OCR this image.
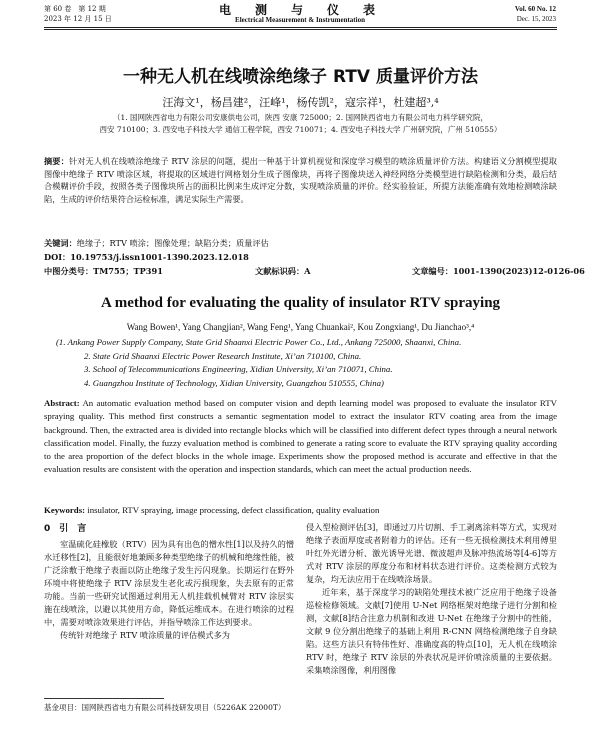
第 60 卷　第 12 期
2023 年 12 月 15 日
电　测　与　仪　表
Electrical Measurement & Instrumentation
Vol. 60 No. 12
Dec. 15, 2023
一种无人机在线喷涂绝缘子 RTV 质量评价方法
汪海文¹，杨昌建²，汪峰¹，杨传凯²，寇宗祥¹，杜建超³,⁴
（1. 国网陕西省电力有限公司安康供电公司，陕西 安康 725000；2. 国网陕西省电力有限公司电力科学研究院，
西安 710100；3. 西安电子科技大学 通信工程学院，西安 710071；4. 西安电子科技大学 广州研究院，广州 510555）
摘要：针对无人机在线喷涂绝缘子 RTV 涂层的问题，提出一种基于计算机视觉和深度学习模型的喷涂质量评价方法。构建语义分割模型提取图像中绝缘子 RTV 喷涂区域，将提取的区域进行网格划分生成子图像块，再将子图像块送入神经网络分类模型进行缺陷检测和分类，最后结合模糊评价手段，按照各类子图像块所占的面积比例来生成评定分数，实现喷涂质量的评价。经实验验证，所提方法能准确有效地检测喷涂缺陷，生成的评价结果符合运检标准，满足实际生产需要。
关键词：绝缘子；RTV 喷涂；图像处理；缺陷分类；质量评估
DOI：10.19753/j.issn1001-1390.2023.12.018
中图分类号：TM755；TP391	文献标识码：A	文章编号：1001-1390(2023)12-0126-06
A method for evaluating the quality of insulator RTV spraying
Wang Bowen¹, Yang Changjian², Wang Feng¹, Yang Chuankai², Kou Zongxiang¹, Du Jianchao³,⁴
(1. Ankang Power Supply Company, State Grid Shaanxi Electric Power Co., Ltd., Ankang 725000, Shaanxi, China.
2. State Grid Shaanxi Electric Power Research Institute, Xi’an 710100, China.
3. School of Telecommunications Engineering, Xidian University, Xi’an 710071, China.
4. Guangzhou Institute of Technology, Xidian University, Guangzhou 510555, China)
Abstract: An automatic evaluation method based on computer vision and depth learning model was proposed to evaluate the insulator RTV spraying quality. This method first constructs a semantic segmentation model to extract the insulator RTV coating area from the image background. Then, the extracted area is divided into rectangle blocks which will be classified into different defect types through a neural network classification model. Finally, the fuzzy evaluation method is combined to generate a rating score to evaluate the RTV spraying quality according to the area proportion of the defect blocks in the whole image. Experiments show the proposed method is accurate and effective in that the evaluation results are consistent with the operation and inspection standards, which can meet the actual production needs.
Keywords: insulator, RTV spraying, image processing, defect classification, quality evaluation
0　引　言
室温硫化硅橡胶（RTV）因为具有出色的憎水性[1]以及持久的憎水迁移性[2]，且能很好地兼顾多种类型绝缘子的机械和绝缘性能，被广泛涂敷于绝缘子表面以防止绝缘子发生污闪现象。长期运行在野外环境中将使绝缘子 RTV 涂层发生老化或污损现象，失去原有的正常功能。当前一些研究试图通过利用无人机挂载机械臂对 RTV 涂层实施在线喷涂，以避以其使用方命，降低运维成本。在进行喷涂的过程中，需要对喷涂效果进行评估，并指导喷涂工作达到要求。
传统针对绝缘子 RTV 喷涂质量的评估模式多为
侵入型检测评估[3]，即通过刀片切割、手工剥离涂料等方式，实现对绝缘子表面厚度或者附着力的评估。还有一些无损检测技术利用傅里叶红外光谱分析、激光诱导光谱、微波超声及脉冲热流场等[4-6]等方式对 RTV 涂层的厚度分布和材料状态进行评价。这类检测方式较为复杂，均无法应用于在线喷涂场景。
近年来，基于深度学习的缺陷处理技术被广泛应用于绝缘子设备巡检检修领域。文献[7]使用 U-Net 网络框架对绝缘子进行分割和检测，文献[8]结合注意力机制和改进 U-Net 在绝缘子分割中的性能，文献 9 位分割出绝缘子的基础上利用 R-CNN 网络检测绝缘子自身缺陷。这些方法只有特伟性好、准确度高的特点[10]，无人机在线喷涂 RTV 时，绝缘子 RTV 涂层的外表状况是评价喷涂质量的主要依据。采集喷涂图像，利用图像
基金项目：国网陕西省电力有限公司科技研发项目（5226AK 22000T）
